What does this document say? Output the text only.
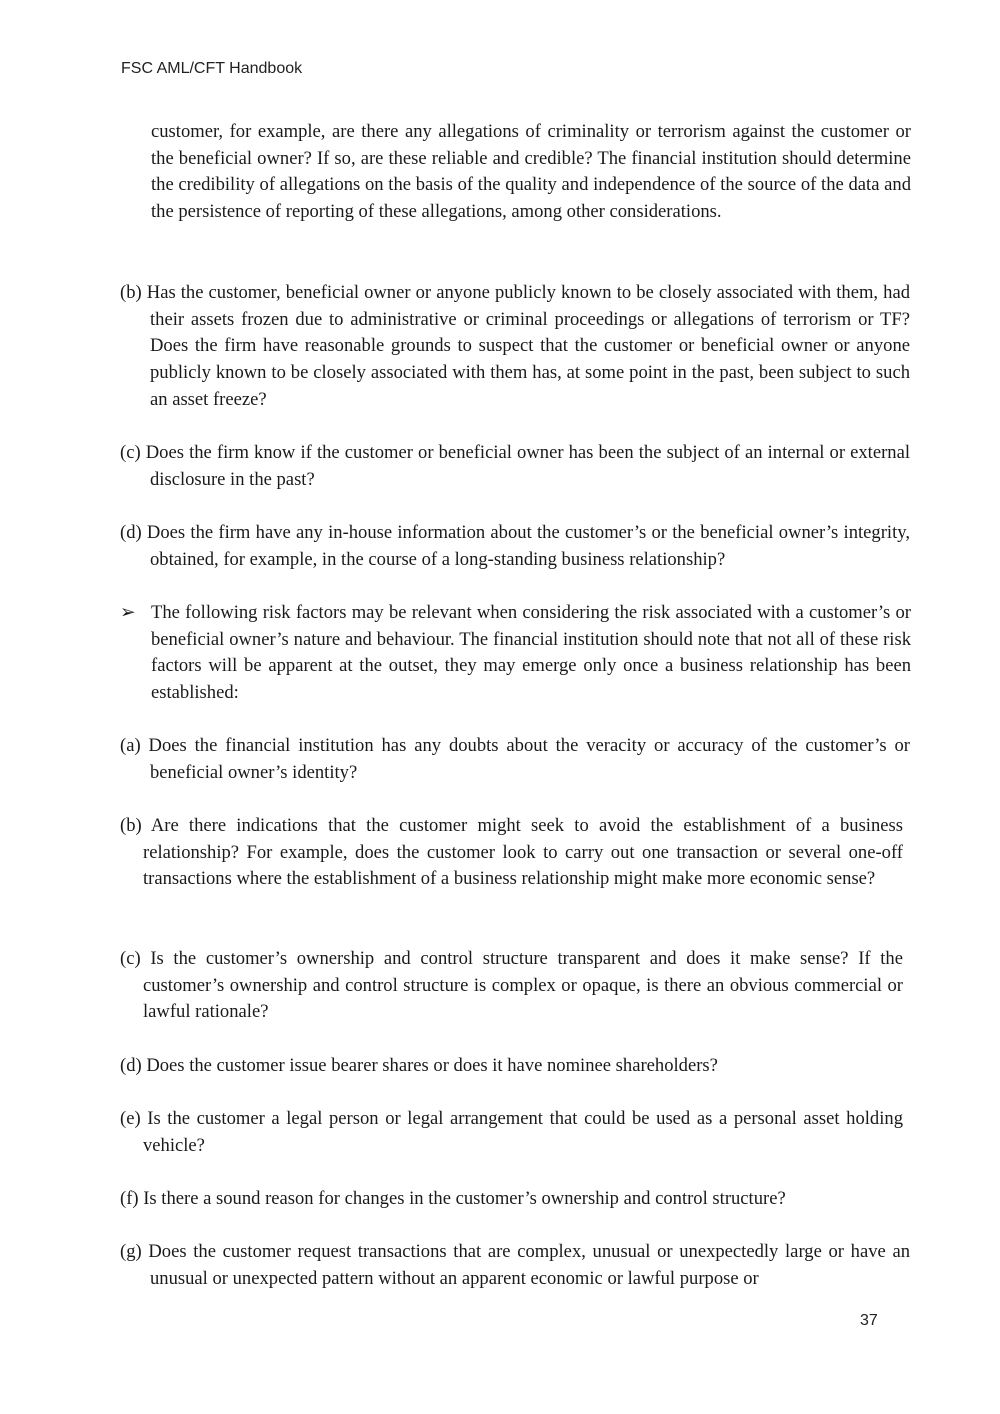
FSC AML/CFT Handbook

customer, for example, are there any allegations of criminality or terrorism against the customer or the beneficial owner? If so, are these reliable and credible? The financial institution should determine the credibility of allegations on the basis of the quality and independence of the source of the data and the persistence of reporting of these allegations, among other considerations.

(b) Has the customer, beneficial owner or anyone publicly known to be closely associated with them, had their assets frozen due to administrative or criminal proceedings or allegations of terrorism or TF? Does the firm have reasonable grounds to suspect that the customer or beneficial owner or anyone publicly known to be closely associated with them has, at some point in the past, been subject to such an asset freeze?

(c) Does the firm know if the customer or beneficial owner has been the subject of an internal or external disclosure in the past?

(d) Does the firm have any in-house information about the customer’s or the beneficial owner’s integrity, obtained, for example, in the course of a long-standing business relationship?

➢ The following risk factors may be relevant when considering the risk associated with a customer’s or beneficial owner’s nature and behaviour. The financial institution should note that not all of these risk factors will be apparent at the outset, they may emerge only once a business relationship has been established:

(a) Does the financial institution has any doubts about the veracity or accuracy of the customer’s or beneficial owner’s identity?

(b) Are there indications that the customer might seek to avoid the establishment of a business relationship? For example, does the customer look to carry out one transaction or several one-off transactions where the establishment of a business relationship might make more economic sense?

(c) Is the customer’s ownership and control structure transparent and does it make sense? If the customer’s ownership and control structure is complex or opaque, is there an obvious commercial or lawful rationale?

(d) Does the customer issue bearer shares or does it have nominee shareholders?

(e) Is the customer a legal person or legal arrangement that could be used as a personal asset holding vehicle?

(f) Is there a sound reason for changes in the customer’s ownership and control structure?

(g) Does the customer request transactions that are complex, unusual or unexpectedly large or have an unusual or unexpected pattern without an apparent economic or lawful purpose or

37
